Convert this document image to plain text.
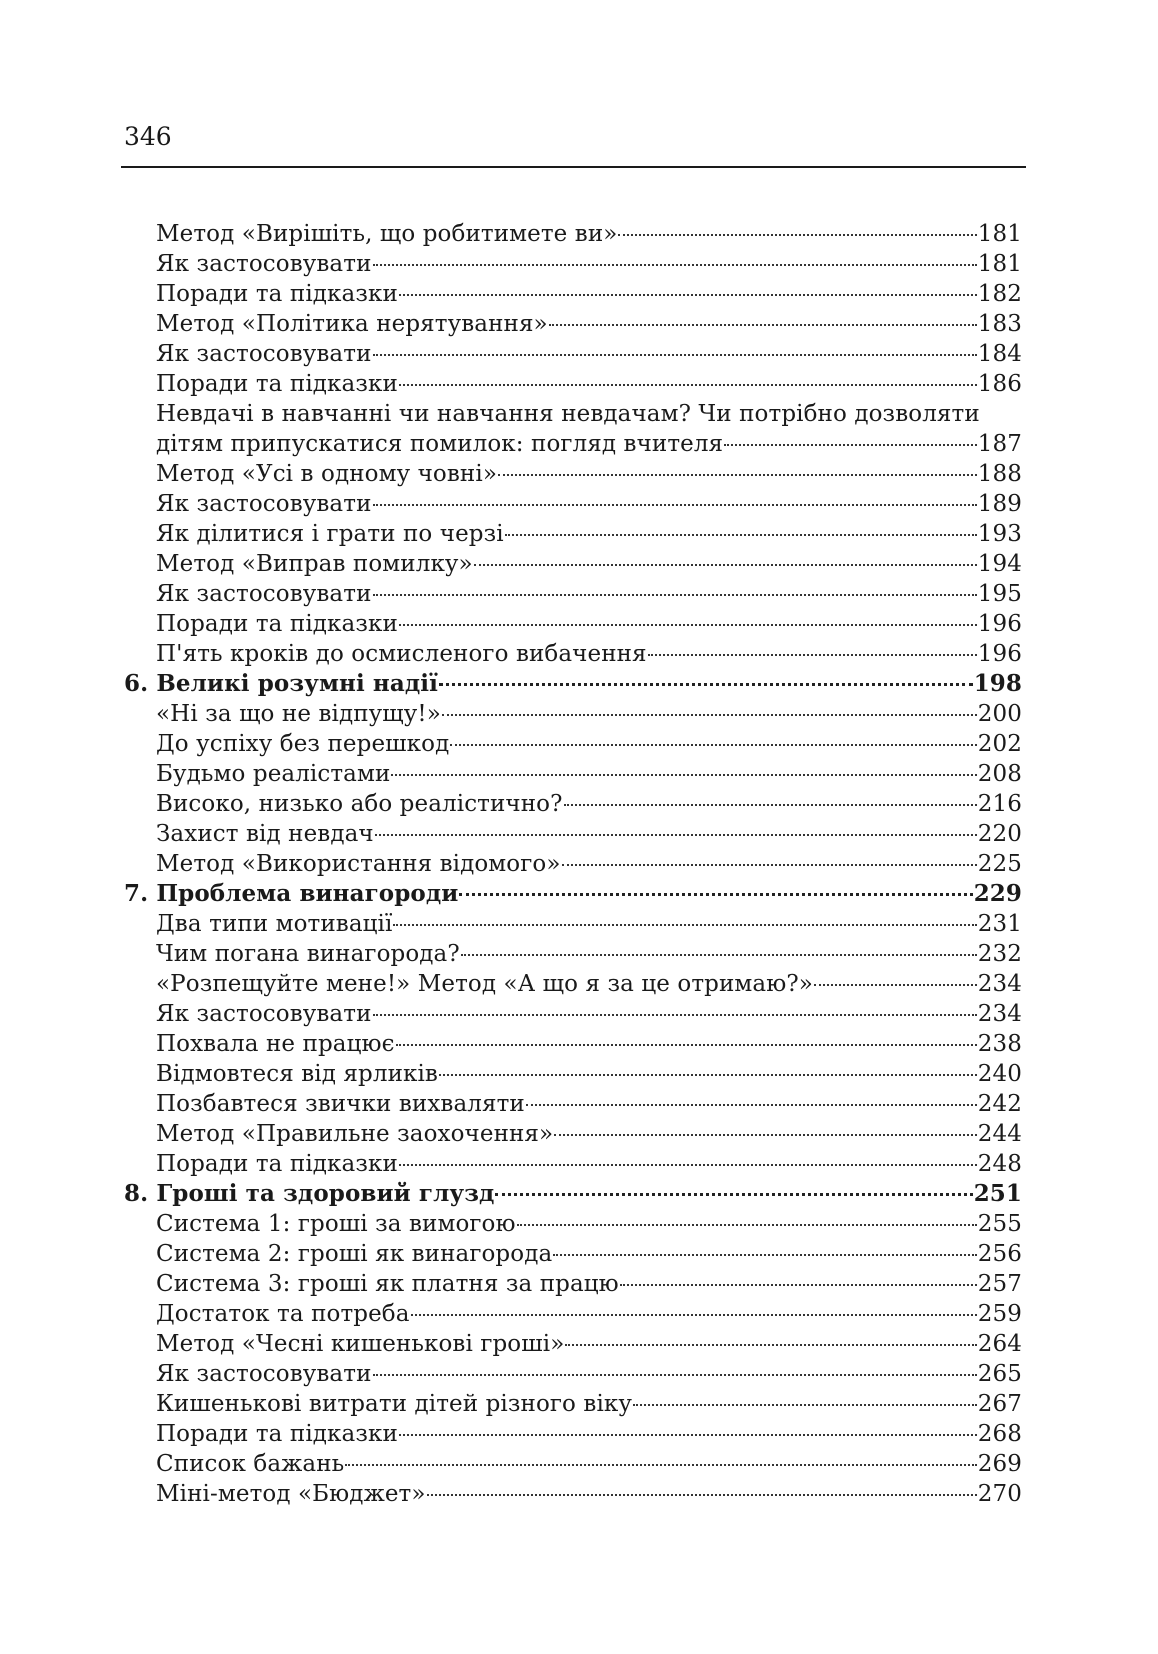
346
Метод «Вирішіть, що робитимете ви»	181
Як застосовувати	181
Поради та підказки	182
Метод «Політика нерятування»	183
Як застосовувати	184
Поради та підказки	186
Невдачі в навчанні чи навчання невдачам? Чи потрібно дозволяти
дітям припускатися помилок: погляд вчителя	187
Метод «Усі в одному човні»	188
Як застосовувати	189
Як ділитися і грати по черзі	193
Метод «Виправ помилку»	194
Як застосовувати	195
Поради та підказки	196
П'ять кроків до осмисленого вибачення	196
6. Великі розумні надії	198
«Ні за що не відпущу!»	200
До успіху без перешкод	202
Будьмо реалістами	208
Високо, низько або реалістично?	216
Захист від невдач	220
Метод «Використання відомого»	225
7. Проблема винагороди	229
Два типи мотивації	231
Чим погана винагорода?	232
«Розпещуйте мене!» Метод «А що я за це отримаю?»	234
Як застосовувати	234
Похвала не працює	238
Відмовтеся від ярликів	240
Позбавтеся звички вихваляти	242
Метод «Правильне заохочення»	244
Поради та підказки	248
8. Гроші та здоровий глузд	251
Система 1: гроші за вимогою	255
Система 2: гроші як винагорода	256
Система 3: гроші як платня за працю	257
Достаток та потреба	259
Метод «Чесні кишенькові гроші»	264
Як застосовувати	265
Кишенькові витрати дітей різного віку	267
Поради та підказки	268
Список бажань	269
Міні-метод «Бюджет»	270
